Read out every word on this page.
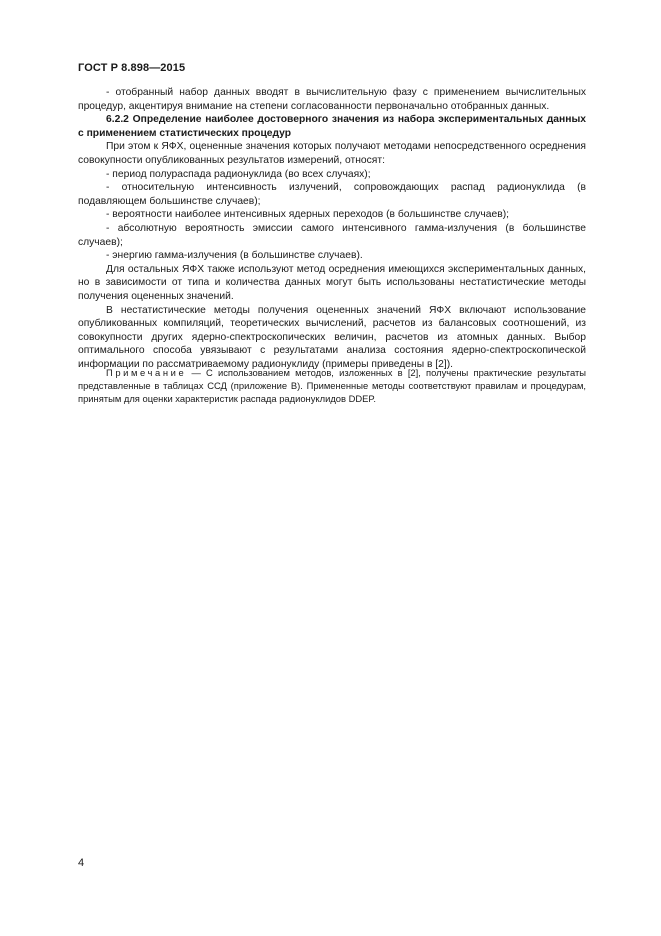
ГОСТ Р 8.898—2015

- отобранный набор данных вводят в вычислительную фазу с применением вычислительных процедур, акцентируя внимание на степени согласованности первоначально отобранных данных.

6.2.2 Определение наиболее достоверного значения из набора экспериментальных данных с применением статистических процедур

При этом к ЯФХ, оцененные значения которых получают методами непосредственного осреднения совокупности опубликованных результатов измерений, относят:

- период полураспада радионуклида (во всех случаях);

- относительную интенсивность излучений, сопровождающих распад радионуклида (в подавляющем большинстве случаев);

- вероятности наиболее интенсивных ядерных переходов (в большинстве случаев);

- абсолютную вероятность эмиссии самого интенсивного гамма-излучения (в большинстве случаев);

- энергию гамма-излучения (в большинстве случаев).

Для остальных ЯФХ также используют метод осреднения имеющихся экспериментальных данных, но в зависимости от типа и количества данных могут быть использованы нестатистические методы получения оцененных значений.

В нестатистические методы получения оцененных значений ЯФХ включают использование опубликованных компиляций, теоретических вычислений, расчетов из балансовых соотношений, из совокупности других ядерно-спектроскопических величин, расчетов из атомных данных. Выбор оптимального способа увязывают с результатами анализа состояния ядерно-спектроскопической информации по рассматриваемому радионуклиду (примеры приведены в [2]).

Примечание — С использованием методов, изложенных в [2], получены практические результаты представленные в таблицах ССД (приложение В). Примененные методы соответствуют правилам и процедурам, принятым для оценки характеристик распада радионуклидов DDEP.

4
